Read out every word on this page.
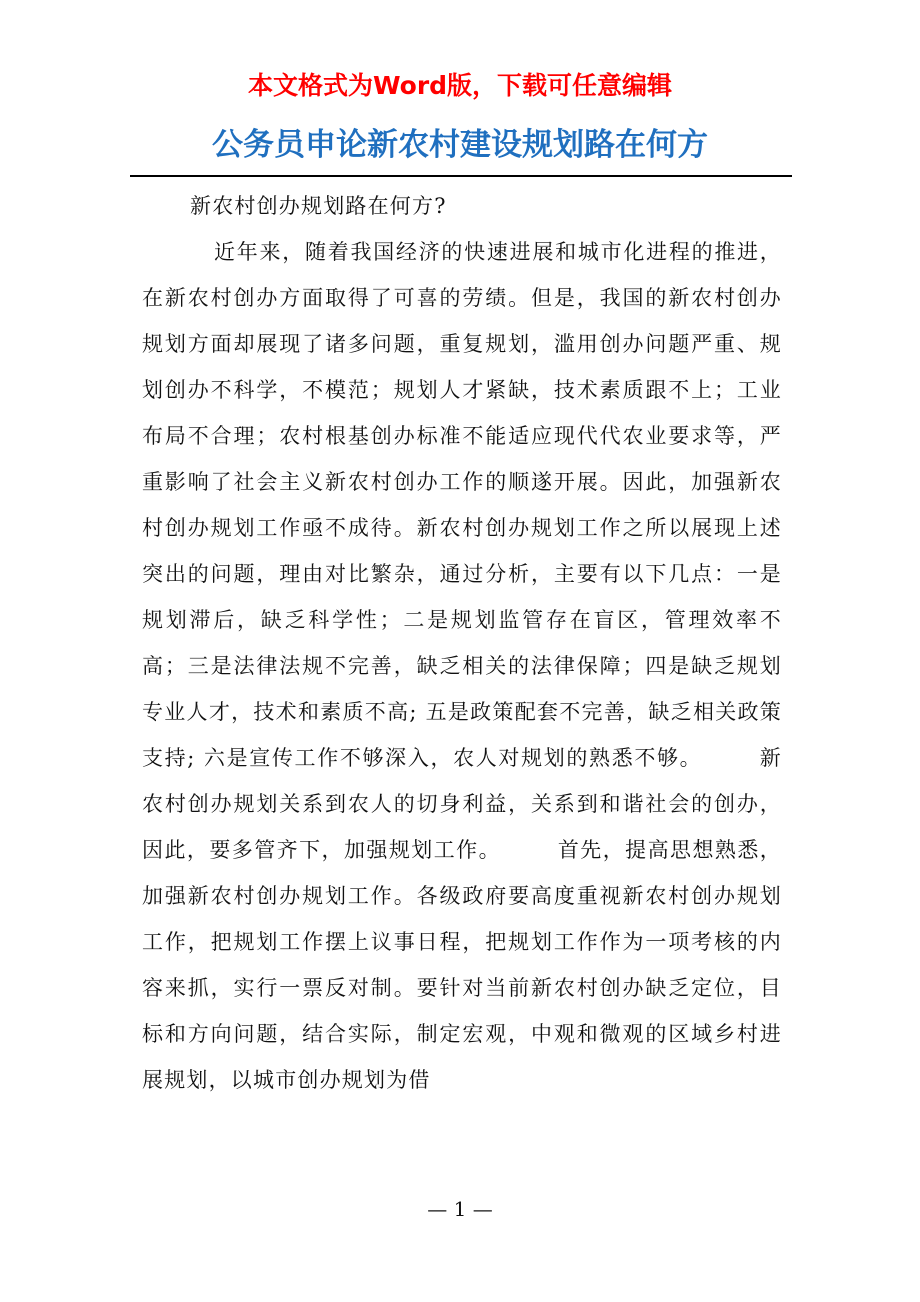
本文格式为Word版，下载可任意编辑
公务员申论新农村建设规划路在何方

新农村创办规划路在何方?

近年来，随着我国经济的快速进展和城市化进程的推进，在新农村创办方面取得了可喜的劳绩。但是，我国的新农村创办规划方面却展现了诸多问题，重复规划，滥用创办问题严重、规划创办不科学，不模范；规划人才紧缺，技术素质跟不上；工业布局不合理；农村根基创办标准不能适应现代代农业要求等，严重影响了社会主义新农村创办工作的顺遂开展。因此，加强新农村创办规划工作亟不成待。新农村创办规划工作之所以展现上述突出的问题，理由对比繁杂，通过分析，主要有以下几点：一是规划滞后，缺乏科学性；二是规划监管存在盲区，管理效率不高；三是法律法规不完善，缺乏相关的法律保障；四是缺乏规划专业人才，技术和素质不高; 五是政策配套不完善，缺乏相关政策支持; 六是宣传工作不够深入，农人对规划的熟悉不够。　　　新农村创办规划关系到农人的切身利益，关系到和谐社会的创办，因此，要多管齐下，加强规划工作。　　　首先，提高思想熟悉，加强新农村创办规划工作。各级政府要高度重视新农村创办规划工作，把规划工作摆上议事日程，把规划工作作为一项考核的内容来抓，实行一票反对制。要针对当前新农村创办缺乏定位，目标和方向问题，结合实际，制定宏观，中观和微观的区域乡村进展规划，以城市创办规划为借

— 1 —
